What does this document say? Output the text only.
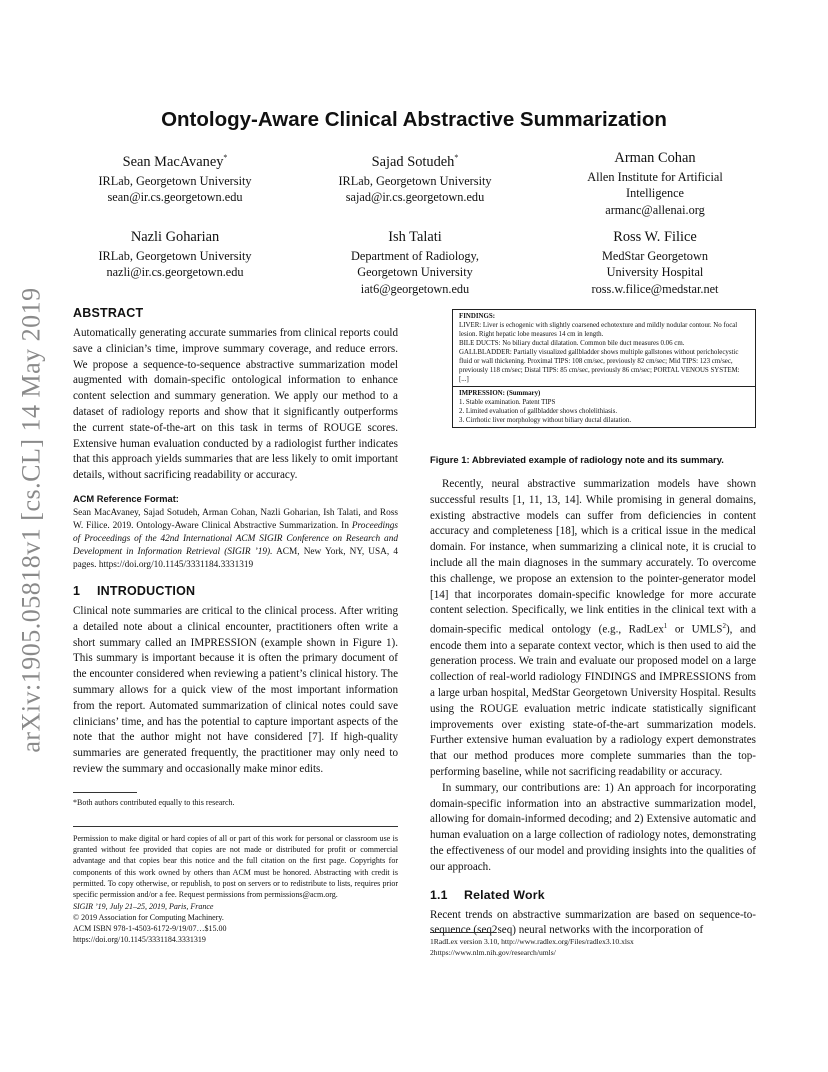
arXiv:1905.05818v1 [cs.CL] 14 May 2019
Ontology-Aware Clinical Abstractive Summarization
Sean MacAvaney*
IRLab, Georgetown University
sean@ir.cs.georgetown.edu
Sajad Sotudeh*
IRLab, Georgetown University
sajad@ir.cs.georgetown.edu
Arman Cohan
Allen Institute for Artificial
Intelligence
armanc@allenai.org
Nazli Goharian
IRLab, Georgetown University
nazli@ir.cs.georgetown.edu
Ish Talati
Department of Radiology,
Georgetown University
iat6@georgetown.edu
Ross W. Filice
MedStar Georgetown
University Hospital
ross.w.filice@medstar.net
ABSTRACT

Automatically generating accurate summaries from clinical reports could save a clinician’s time, improve summary coverage, and reduce errors. We propose a sequence-to-sequence abstractive summarization model augmented with domain-specific ontological information to enhance content selection and summary generation. We apply our method to a dataset of radiology reports and show that it significantly outperforms the current state-of-the-art on this task in terms of ROUGE scores. Extensive human evaluation conducted by a radiologist further indicates that this approach yields summaries that are less likely to omit important details, without sacrificing readability or accuracy.

ACM Reference Format:

Sean MacAvaney, Sajad Sotudeh, Arman Cohan, Nazli Goharian, Ish Talati, and Ross W. Filice. 2019. Ontology-Aware Clinical Abstractive Summarization. In Proceedings of Proceedings of the 42nd International ACM SIGIR Conference on Research and Development in Information Retrieval (SIGIR ’19). ACM, New York, NY, USA, 4 pages. https://doi.org/10.1145/3331184.3331319

1 INTRODUCTION

Clinical note summaries are critical to the clinical process. After writing a detailed note about a clinical encounter, practitioners often write a short summary called an IMPRESSION (example shown in Figure 1). This summary is important because it is often the primary document of the encounter considered when reviewing a patient’s clinical history. The summary allows for a quick view of the most important information from the report. Automated summarization of clinical notes could save clinicians’ time, and has the potential to capture important aspects of the note that the author might not have considered [7]. If high-quality summaries are generated frequently, the practitioner may only need to review the summary and occasionally make minor edits.

*Both authors contributed equally to this research.

Permission to make digital or hard copies of all or part of this work for personal or classroom use is granted without fee provided that copies are not made or distributed for profit or commercial advantage and that copies bear this notice and the full citation on the first page. Copyrights for components of this work owned by others than ACM must be honored. Abstracting with credit is permitted. To copy otherwise, or republish, to post on servers or to redistribute to lists, requires prior specific permission and/or a fee. Request permissions from permissions@acm.org.

SIGIR ’19, July 21–25, 2019, Paris, France

© 2019 Association for Computing Machinery.

ACM ISBN 978-1-4503-6172-9/19/07…$15.00

https://doi.org/10.1145/3331184.3331319

FINDINGS:
LIVER: Liver is echogenic with slightly coarsened echotexture and mildly nodular contour. No focal lesion. Right hepatic lobe measures 14 cm in length.
BILE DUCTS: No biliary ductal dilatation. Common bile duct measures 0.06 cm.
GALLBLADDER: Partially visualized gallbladder shows multiple gallstones without pericholecystic fluid or wall thickening. Proximal TIPS: 108 cm/sec, previously 82 cm/sec; Mid TIPS: 123 cm/sec, previously 118 cm/sec; Distal TIPS: 85 cm/sec, previously 86 cm/sec; PORTAL VENOUS SYSTEM: [...]
IMPRESSION: (Summary)
1. Stable examination. Patent TIPS
2. Limited evaluation of gallbladder shows cholelithiasis.
3. Cirrhotic liver morphology without biliary ductal dilatation.
Figure 1: Abbreviated example of radiology note and its summary.

Recently, neural abstractive summarization models have shown successful results [1, 11, 13, 14]. While promising in general domains, existing abstractive models can suffer from deficiencies in content accuracy and completeness [18], which is a critical issue in the medical domain. For instance, when summarizing a clinical note, it is crucial to include all the main diagnoses in the summary accurately. To overcome this challenge, we propose an extension to the pointer-generator model [14] that incorporates domain-specific knowledge for more accurate content selection. Specifically, we link entities in the clinical text with a domain-specific medical ontology (e.g., RadLex$^1$ or UMLS$^2$), and encode them into a separate context vector, which is then used to aid the generation process. We train and evaluate our proposed model on a large collection of real-world radiology FINDINGS and IMPRESSIONS from a large urban hospital, MedStar Georgetown University Hospital. Results using the ROUGE evaluation metric indicate statistically significant improvements over existing state-of-the-art summarization models. Further extensive human evaluation by a radiology expert demonstrates that our method produces more complete summaries than the top-performing baseline, while not sacrificing readability or accuracy.

In summary, our contributions are: 1) An approach for incorporating domain-specific information into an abstractive summarization model, allowing for domain-informed decoding; and 2) Extensive automatic and human evaluation on a large collection of radiology notes, demonstrating the effectiveness of our model and providing insights into the qualities of our approach.

1.1 Related Work

Recent trends on abstractive summarization are based on sequence-to-sequence (seq2seq) neural networks with the incorporation of

1RadLex version 3.10, http://www.radlex.org/Files/radlex3.10.xlsx

2https://www.nlm.nih.gov/research/umls/
